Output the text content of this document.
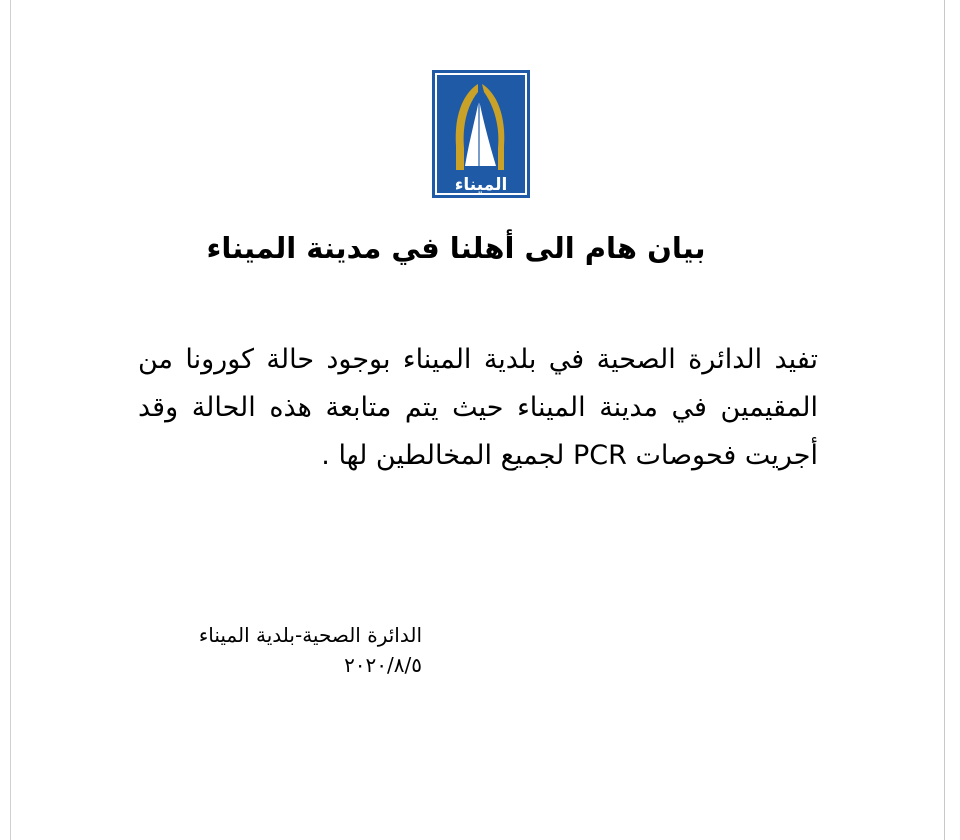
الميناء
بيان هام الى أهلنا في مدينة الميناء

تفيد الدائرة الصحية في بلدية الميناء بوجود حالة كورونا من المقيمين في مدينة الميناء حيث يتم متابعة هذه الحالة وقد أجريت فحوصات PCR لجميع المخالطين لها .

الدائرة الصحية-بلدية الميناء
٢٠٢٠/٨/٥
